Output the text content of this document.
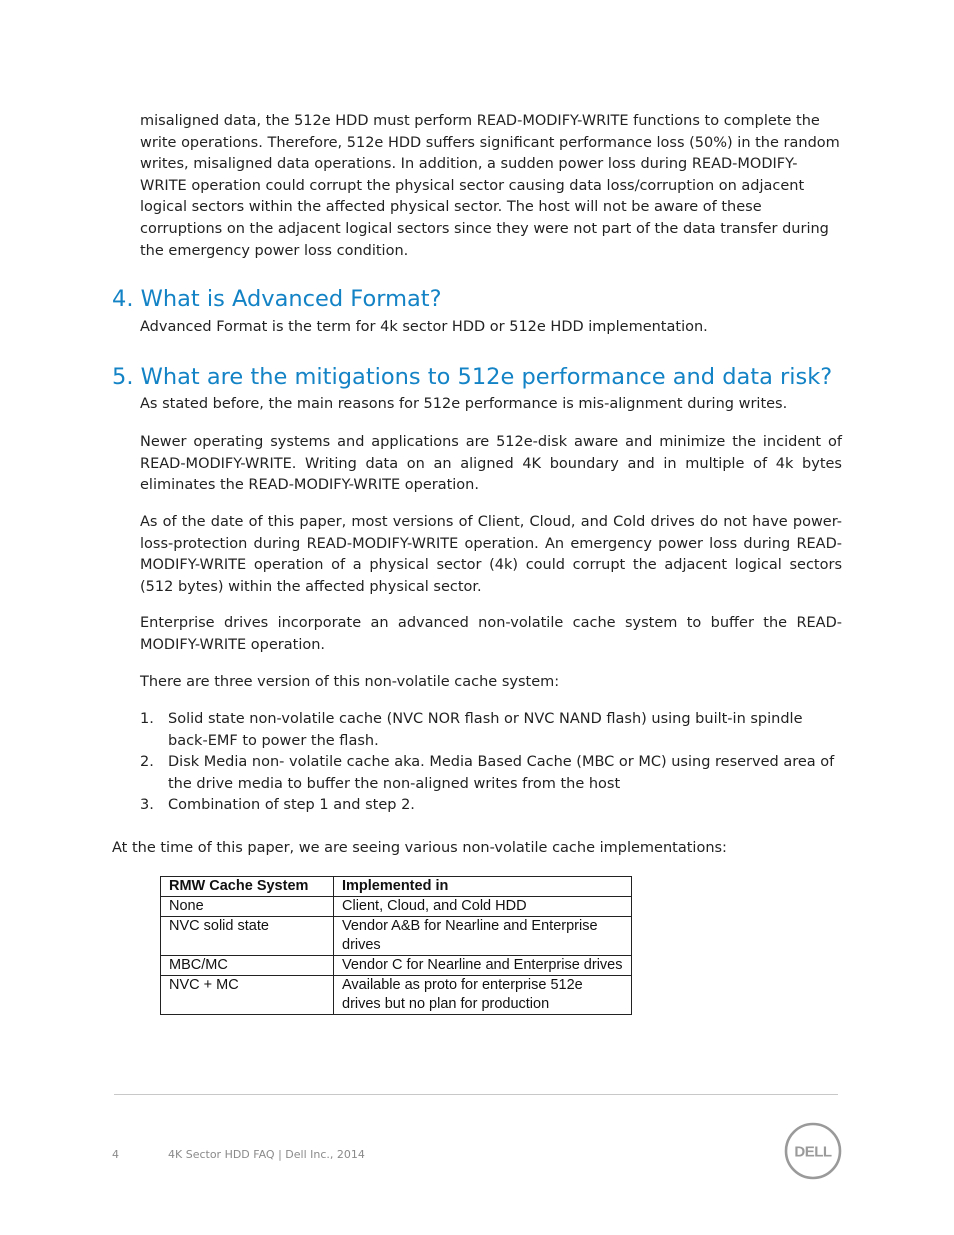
misaligned data, the 512e HDD must perform READ-MODIFY-WRITE functions to complete the write operations. Therefore, 512e HDD suffers significant performance loss (50%) in the random writes, misaligned data operations. In addition, a sudden power loss during READ-MODIFY-WRITE operation could corrupt the physical sector causing data loss/corruption on adjacent logical sectors within the affected physical sector. The host will not be aware of these corruptions on the adjacent logical sectors since they were not part of the data transfer during the emergency power loss condition.

4. What is Advanced Format?

Advanced Format is the term for 4k sector HDD or 512e HDD implementation.

5. What are the mitigations to 512e performance and data risk?

As stated before, the main reasons for 512e performance is mis-alignment during writes.

Newer operating systems and applications are 512e-disk aware and minimize the incident of READ-MODIFY-WRITE. Writing data on an aligned 4K boundary and in multiple of 4k bytes eliminates the READ-MODIFY-WRITE operation.

As of the date of this paper, most versions of Client, Cloud, and Cold drives do not have power-loss-protection during READ-MODIFY-WRITE operation. An emergency power loss during READ-MODIFY-WRITE operation of a physical sector (4k) could corrupt the adjacent logical sectors (512 bytes) within the affected physical sector.

Enterprise drives incorporate an advanced non-volatile cache system to buffer the READ-MODIFY-WRITE operation.

There are three version of this non-volatile cache system:

1. Solid state non-volatile cache (NVC NOR flash or NVC NAND flash) using built-in spindle back-EMF to power the flash.
2. Disk Media non- volatile cache aka. Media Based Cache (MBC or MC) using reserved area of the drive media to buffer the non-aligned writes from the host
3. Combination of step 1 and step 2.

At the time of this paper, we are seeing various non-volatile cache implementations:

RMW Cache System	Implemented in
None	Client, Cloud, and Cold HDD
NVC solid state	Vendor A&B for Nearline and Enterprise drives
MBC/MC	Vendor C for Nearline and Enterprise drives
NVC + MC	Available as proto for enterprise 512e drives but no plan for production
4	4K Sector HDD FAQ | Dell Inc., 2014	DELL
